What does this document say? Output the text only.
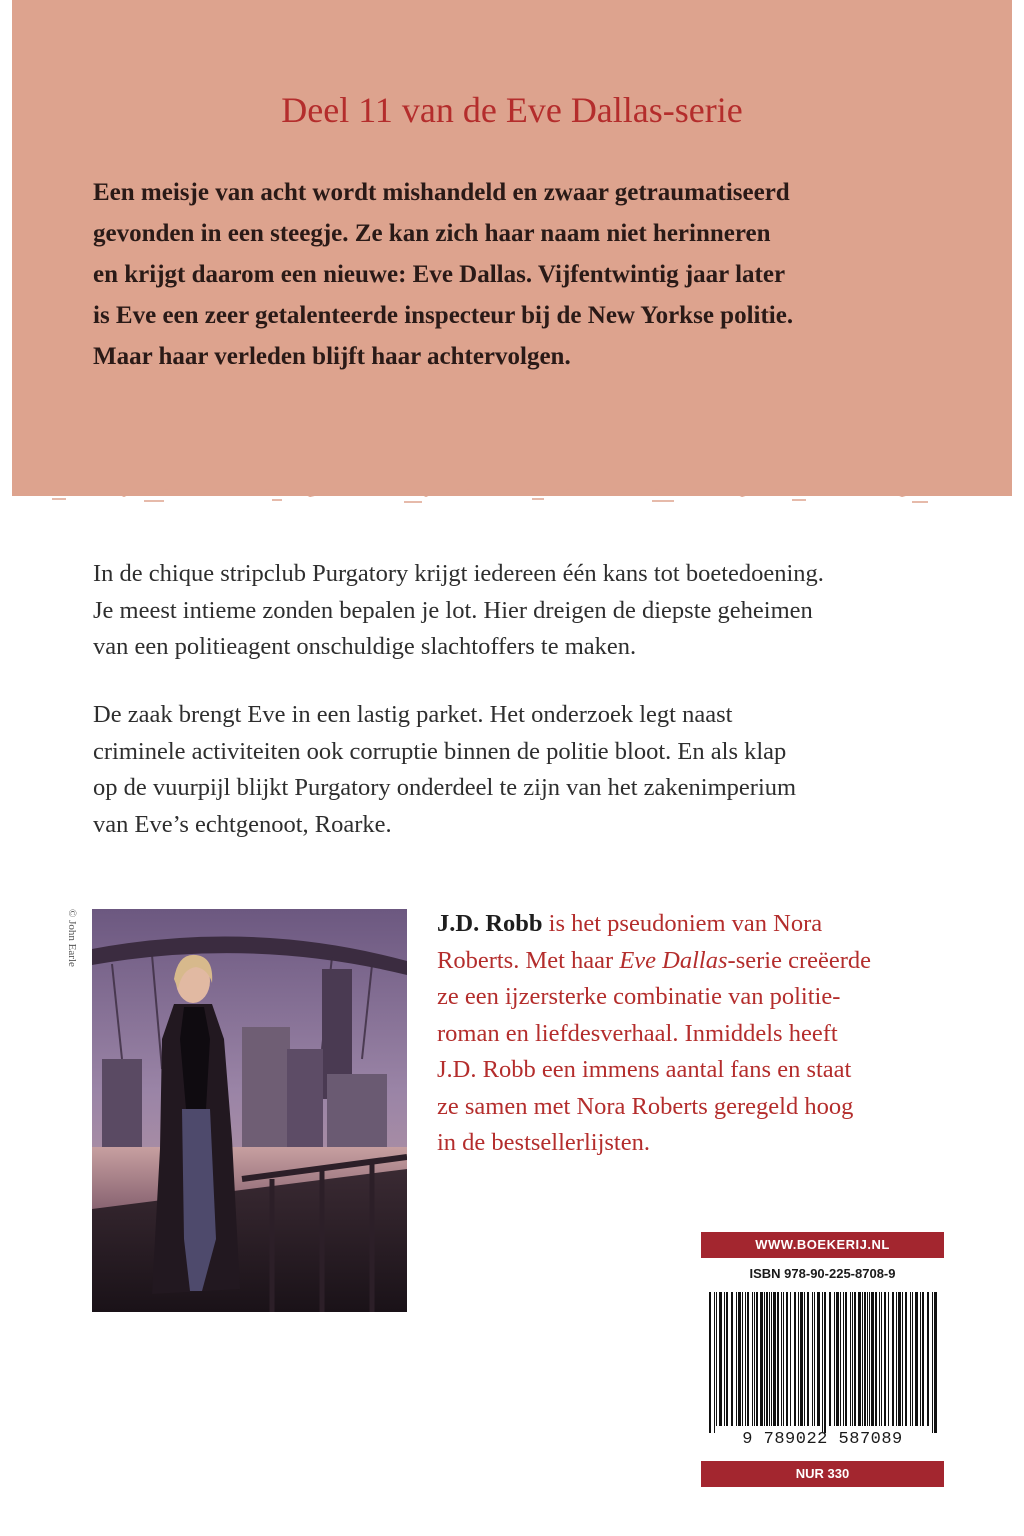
Deel 11 van de Eve Dallas-serie
Een meisje van acht wordt mishandeld en zwaar getraumatiseerd
gevonden in een steegje. Ze kan zich haar naam niet herinneren
en krijgt daarom een nieuwe: Eve Dallas. Vijfentwintig jaar later
is Eve een zeer getalenteerde inspecteur bij de New Yorkse politie.
Maar haar verleden blijft haar achtervolgen.
In de chique stripclub Purgatory krijgt iedereen één kans tot boetedoening.
Je meest intieme zonden bepalen je lot. Hier dreigen de diepste geheimen
van een politieagent onschuldige slachtoffers te maken.
De zaak brengt Eve in een lastig parket. Het onderzoek legt naast
criminele activiteiten ook corruptie binnen de politie bloot. En als klap
op de vuurpijl blijkt Purgatory onderdeel te zijn van het zakenimperium
van Eve’s echtgenoot, Roarke.
© John Earle	J.D. Robb is het pseudoniem van Nora
Roberts. Met haar Eve Dallas-serie creëerde
ze een ijzersterke combinatie van politie-
roman en liefdesverhaal. Inmiddels heeft
J.D. Robb een immens aantal fans en staat
ze samen met Nora Roberts geregeld hoog
in de bestsellerlijsten.
WWW.BOEKERIJ.NL
ISBN 978-90-225-8708-9
9 789022 587089
NUR 330
